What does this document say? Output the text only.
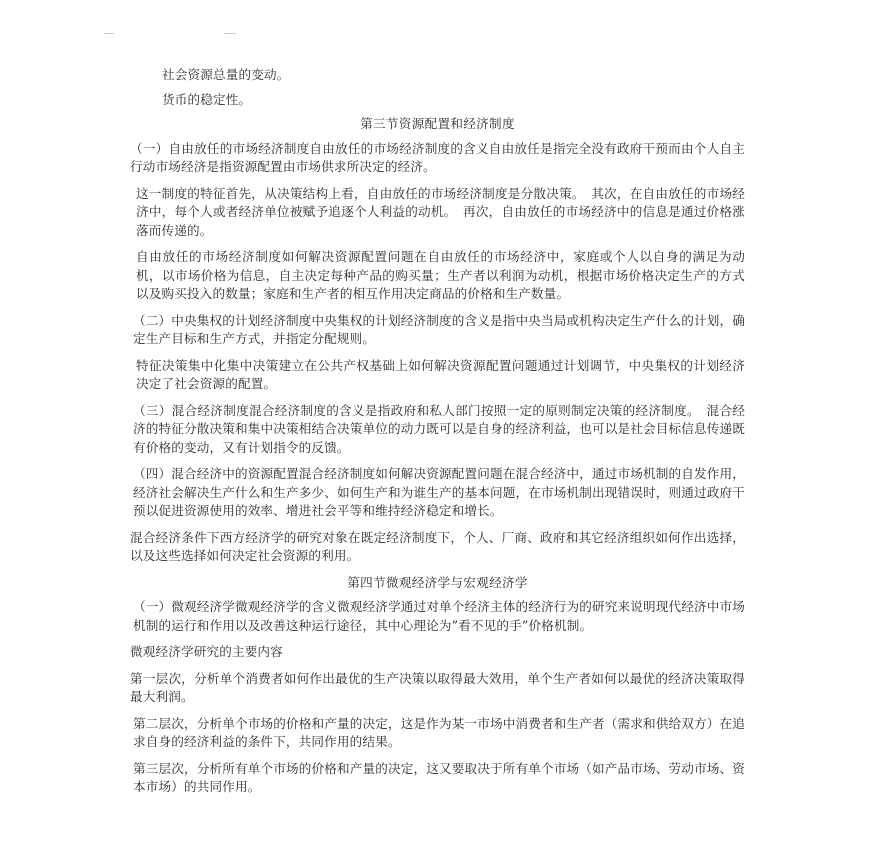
社会资源总量的变动。

货币的稳定性。

第三节资源配置和经济制度

（一）自由放任的市场经济制度自由放任的市场经济制度的含义自由放任是指完全没有政府干预而由个人自主行动市场经济是指资源配置由市场供求所决定的经济。

这一制度的特征首先，从决策结构上看，自由放任的市场经济制度是分散决策。　其次，在自由放任的市场经济中，每个人或者经济单位被赋予追逐个人利益的动机。　再次，自由放任的市场经济中的信息是通过价格涨落而传递的。

自由放任的市场经济制度如何解决资源配置问题在自由放任的市场经济中，家庭或个人以自身的满足为动机，以市场价格为信息，自主决定每种产品的购买量；生产者以利润为动机，根据市场价格决定生产的方式以及购买投入的数量；家庭和生产者的相互作用决定商品的价格和生产数量。

（二）中央集权的计划经济制度中央集权的计划经济制度的含义是指中央当局或机构决定生产什么的计划，确定生产目标和生产方式，并指定分配规则。

特征决策集中化集中决策建立在公共产权基础上如何解决资源配置问题通过计划调节，中央集权的计划经济决定了社会资源的配置。

（三）混合经济制度混合经济制度的含义是指政府和私人部门按照一定的原则制定决策的经济制度。　混合经济的特征分散决策和集中决策相结合决策单位的动力既可以是自身的经济利益，也可以是社会目标信息传递既有价格的变动，又有计划指令的反馈。

（四）混合经济中的资源配置混合经济制度如何解决资源配置问题在混合经济中，通过市场机制的自发作用，经济社会解决生产什么和生产多少、如何生产和为谁生产的基本问题，在市场机制出现错误时，则通过政府干预以促进资源使用的效率、增进社会平等和维持经济稳定和增长。

混合经济条件下西方经济学的研究对象在既定经济制度下，个人、厂商、政府和其它经济组织如何作出选择，以及这些选择如何决定社会资源的利用。

第四节微观经济学与宏观经济学

（一）微观经济学微观经济学的含义微观经济学通过对单个经济主体的经济行为的研究来说明现代经济中市场机制的运行和作用以及改善这种运行途径，其中心理论为”看不见的手”价格机制。

微观经济学研究的主要内容

第一层次，分析单个消费者如何作出最优的生产决策以取得最大效用，单个生产者如何以最优的经济决策取得最大利润。

第二层次，分析单个市场的价格和产量的决定，这是作为某一市场中消费者和生产者（需求和供给双方）在追求自身的经济利益的条件下，共同作用的结果。

第三层次，分析所有单个市场的价格和产量的决定，这又要取决于所有单个市场（如产品市场、劳动市场、资本市场）的共同作用。
